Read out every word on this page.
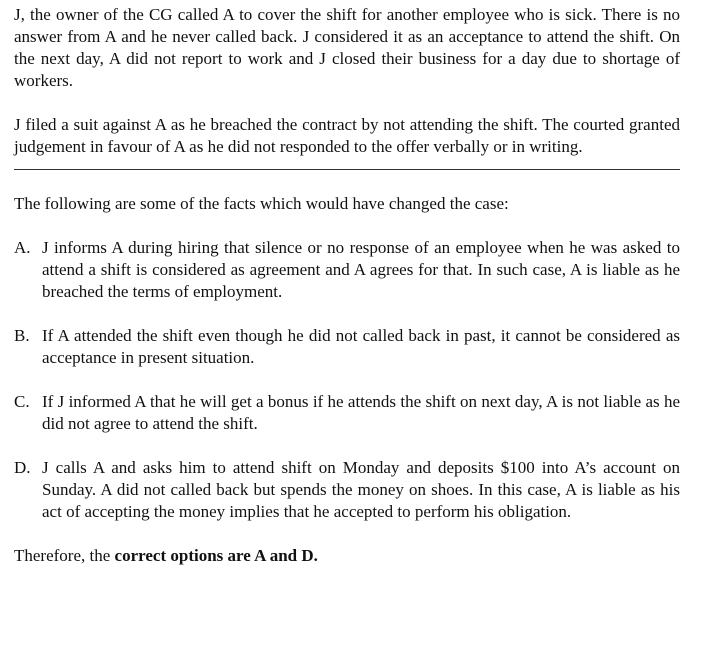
J, the owner of the CG called A to cover the shift for another employee who is sick. There is no answer from A and he never called back. J considered it as an acceptance to attend the shift. On the next day, A did not report to work and J closed their business for a day due to shortage of workers.

J filed a suit against A as he breached the contract by not attending the shift. The courted granted judgement in favour of A as he did not responded to the offer verbally or in writing.

The following are some of the facts which would have changed the case:

A. J informs A during hiring that silence or no response of an employee when he was asked to attend a shift is considered as agreement and A agrees for that. In such case, A is liable as he breached the terms of employment.
B. If A attended the shift even though he did not called back in past, it cannot be considered as acceptance in present situation.
C. If J informed A that he will get a bonus if he attends the shift on next day, A is not liable as he did not agree to attend the shift.
D. J calls A and asks him to attend shift on Monday and deposits $100 into A’s account on Sunday. A did not called back but spends the money on shoes. In this case, A is liable as his act of accepting the money implies that he accepted to perform his obligation.

Therefore, the correct options are A and D.
